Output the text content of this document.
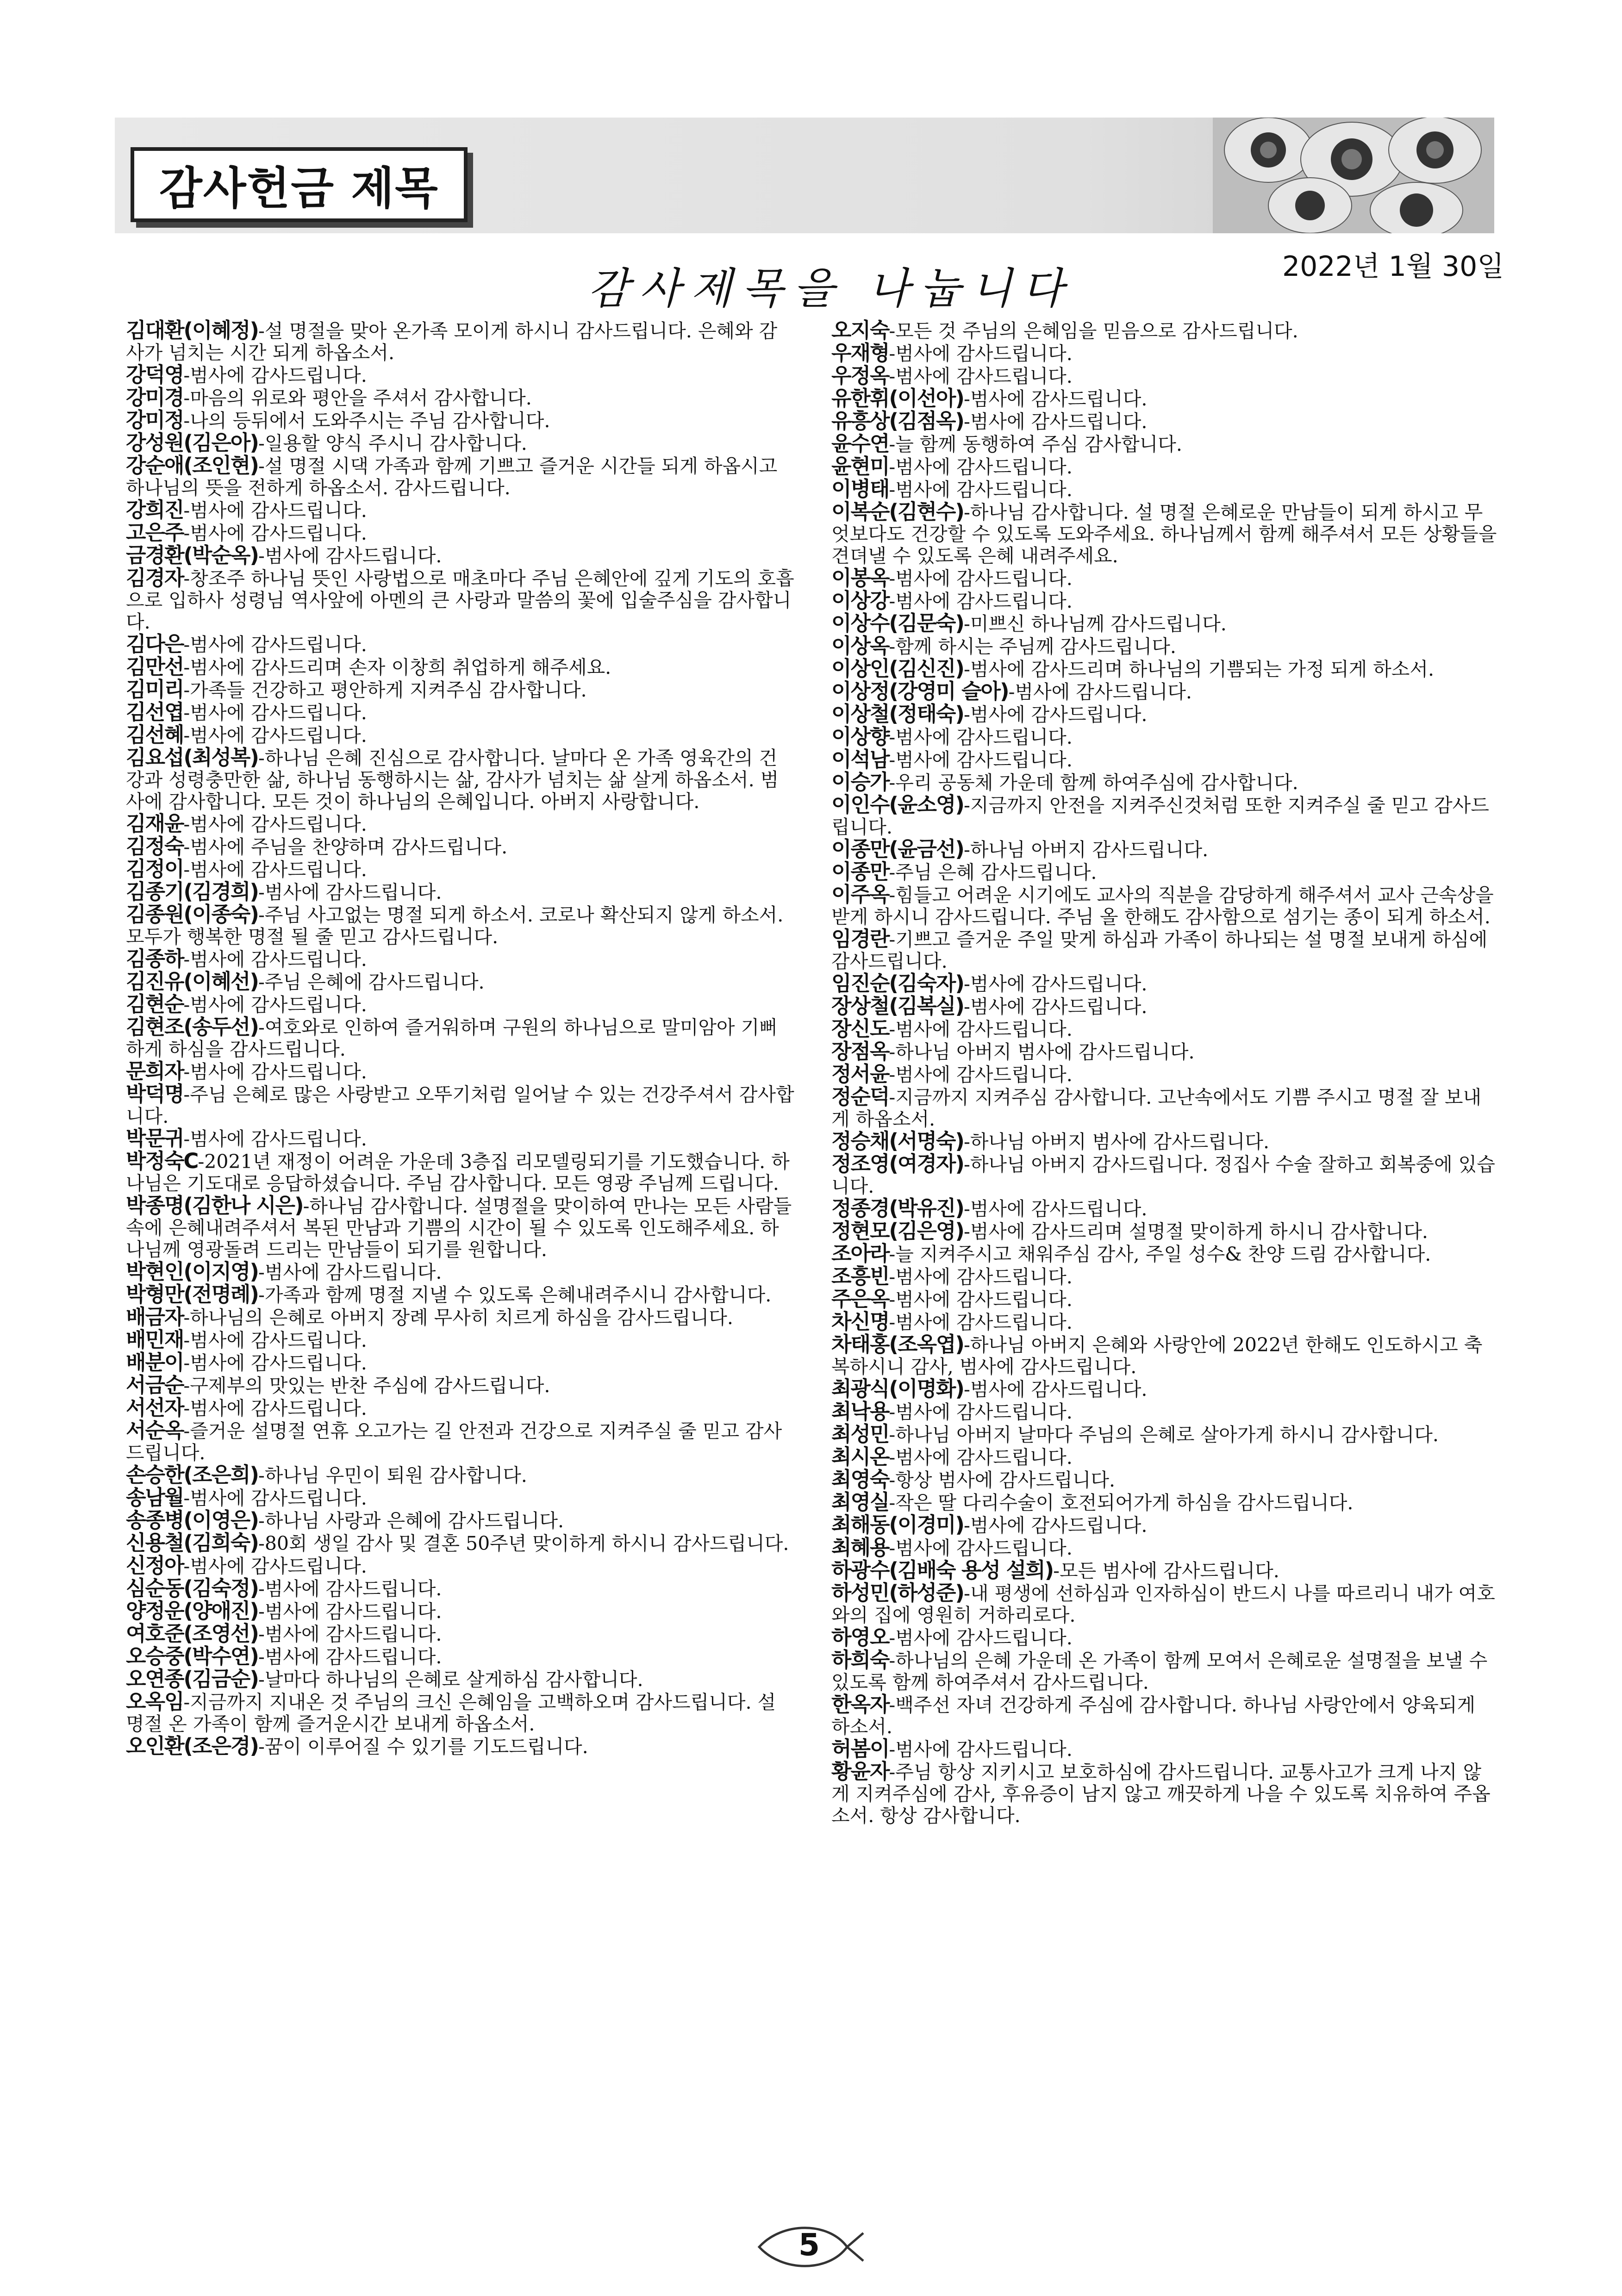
감사헌금 제목
감사제목을 나눕니다	2022년 1월 30일

김대환(이혜정)-설 명절을 맞아 온가족 모이게 하시니 감사드립니다. 은혜와 감사가 넘치는 시간 되게 하옵소서.

강덕영-범사에 감사드립니다.

강미경-마음의 위로와 평안을 주셔서 감사합니다.

강미정-나의 등뒤에서 도와주시는 주님 감사합니다.

강성원(김은아)-일용할 양식 주시니 감사합니다.

강순애(조인현)-설 명절 시댁 가족과 함께 기쁘고 즐거운 시간들 되게 하옵시고 하나님의 뜻을 전하게 하옵소서. 감사드립니다.

강희진-범사에 감사드립니다.

고은주-범사에 감사드립니다.

금경환(박순옥)-범사에 감사드립니다.

김경자-창조주 하나님 뜻인 사랑법으로 매초마다 주님 은혜안에 깊게 기도의 호흡으로 입하사 성령님 역사앞에 아멘의 큰 사랑과 말씀의 꽃에 입술주심을 감사합니다.

김다은-범사에 감사드립니다.

김만선-범사에 감사드리며 손자 이창희 취업하게 해주세요.

김미리-가족들 건강하고 평안하게 지켜주심 감사합니다.

김선엽-범사에 감사드립니다.

김선혜-범사에 감사드립니다.

김요섭(최성복)-하나님 은혜 진심으로 감사합니다. 날마다 온 가족 영육간의 건강과 성령충만한 삶, 하나님 동행하시는 삶, 감사가 넘치는 삶 살게 하옵소서. 범사에 감사합니다. 모든 것이 하나님의 은혜입니다. 아버지 사랑합니다.

김재윤-범사에 감사드립니다.

김정숙-범사에 주님을 찬양하며 감사드립니다.

김정이-범사에 감사드립니다.

김종기(김경희)-범사에 감사드립니다.

김종원(이종숙)-주님 사고없는 명절 되게 하소서. 코로나 확산되지 않게 하소서. 모두가 행복한 명절 될 줄 믿고 감사드립니다.

김종하-범사에 감사드립니다.

김진유(이혜선)-주님 은혜에 감사드립니다.

김현순-범사에 감사드립니다.

김현조(송두선)-여호와로 인하여 즐거워하며 구원의 하나님으로 말미암아 기뻐하게 하심을 감사드립니다.

문희자-범사에 감사드립니다.

박덕명-주님 은혜로 많은 사랑받고 오뚜기처럼 일어날 수 있는 건강주셔서 감사합니다.

박문귀-범사에 감사드립니다.

박정숙C-2021년 재정이 어려운 가운데 3층집 리모델링되기를 기도했습니다. 하나님은 기도대로 응답하셨습니다. 주님 감사합니다. 모든 영광 주님께 드립니다.

박종명(김한나 시은)-하나님 감사합니다. 설명절을 맞이하여 만나는 모든 사람들 속에 은혜내려주셔서 복된 만남과 기쁨의 시간이 될 수 있도록 인도해주세요. 하나님께 영광돌려 드리는 만남들이 되기를 원합니다.

박현인(이지영)-범사에 감사드립니다.

박형만(전명례)-가족과 함께 명절 지낼 수 있도록 은혜내려주시니 감사합니다.

배금자-하나님의 은혜로 아버지 장례 무사히 치르게 하심을 감사드립니다.

배민재-범사에 감사드립니다.

배분이-범사에 감사드립니다.

서금순-구제부의 맛있는 반찬 주심에 감사드립니다.

서선자-범사에 감사드립니다.

서순옥-즐거운 설명절 연휴 오고가는 길 안전과 건강으로 지켜주실 줄 믿고 감사드립니다.

손승한(조은희)-하나님 우민이 퇴원 감사합니다.

송남월-범사에 감사드립니다.

송종병(이영은)-하나님 사랑과 은혜에 감사드립니다.

신용철(김희숙)-80회 생일 감사 및 결혼 50주년 맞이하게 하시니 감사드립니다.

신정아-범사에 감사드립니다.

심순동(김숙정)-범사에 감사드립니다.

양정운(양애진)-범사에 감사드립니다.

여호준(조영선)-범사에 감사드립니다.

오승중(박수연)-범사에 감사드립니다.

오연종(김금순)-날마다 하나님의 은혜로 살게하심 감사합니다.

오옥임-지금까지 지내온 것 주님의 크신 은혜임을 고백하오며 감사드립니다. 설 명절 온 가족이 함께 즐거운시간 보내게 하옵소서.

오인환(조은경)-꿈이 이루어질 수 있기를 기도드립니다.

오지숙-모든 것 주님의 은혜임을 믿음으로 감사드립니다.

우재형-범사에 감사드립니다.

우정옥-범사에 감사드립니다.

유한휘(이선아)-범사에 감사드립니다.

유흥상(김점옥)-범사에 감사드립니다.

윤수연-늘 함께 동행하여 주심 감사합니다.

윤현미-범사에 감사드립니다.

이병태-범사에 감사드립니다.

이복순(김현수)-하나님 감사합니다. 설 명절 은혜로운 만남들이 되게 하시고 무엇보다도 건강할 수 있도록 도와주세요. 하나님께서 함께 해주셔서 모든 상황들을 견뎌낼 수 있도록 은혜 내려주세요.

이봉옥-범사에 감사드립니다.

이상강-범사에 감사드립니다.

이상수(김문숙)-미쁘신 하나님께 감사드립니다.

이상옥-함께 하시는 주님께 감사드립니다.

이상인(김신진)-범사에 감사드리며 하나님의 기쁨되는 가정 되게 하소서.

이상정(강영미 슬아)-범사에 감사드립니다.

이상철(정태숙)-범사에 감사드립니다.

이상향-범사에 감사드립니다.

이석남-범사에 감사드립니다.

이승가-우리 공동체 가운데 함께 하여주심에 감사합니다.

이인수(윤소영)-지금까지 안전을 지켜주신것처럼 또한 지켜주실 줄 믿고 감사드립니다.

이종만(윤금선)-하나님 아버지 감사드립니다.

이종만-주님 은혜 감사드립니다.

이주옥-힘들고 어려운 시기에도 교사의 직분을 감당하게 해주셔서 교사 근속상을 받게 하시니 감사드립니다. 주님 올 한해도 감사함으로 섬기는 종이 되게 하소서.

임경란-기쁘고 즐거운 주일 맞게 하심과 가족이 하나되는 설 명절 보내게 하심에 감사드립니다.

임진순(김숙자)-범사에 감사드립니다.

장상철(김복실)-범사에 감사드립니다.

장신도-범사에 감사드립니다.

장점옥-하나님 아버지 범사에 감사드립니다.

정서윤-범사에 감사드립니다.

정순덕-지금까지 지켜주심 감사합니다. 고난속에서도 기쁨 주시고 명절 잘 보내게 하옵소서.

정승채(서명숙)-하나님 아버지 범사에 감사드립니다.

정조영(여경자)-하나님 아버지 감사드립니다. 정집사 수술 잘하고 회복중에 있습니다.

정종경(박유진)-범사에 감사드립니다.

정현모(김은영)-범사에 감사드리며 설명절 맞이하게 하시니 감사합니다.

조아라-늘 지켜주시고 채워주심 감사, 주일 성수& 찬양 드림 감사합니다.

조흥빈-범사에 감사드립니다.

주은옥-범사에 감사드립니다.

차신명-범사에 감사드립니다.

차태홍(조옥엽)-하나님 아버지 은혜와 사랑안에 2022년 한해도 인도하시고 축복하시니 감사, 범사에 감사드립니다.

최광식(이명화)-범사에 감사드립니다.

최낙용-범사에 감사드립니다.

최성민-하나님 아버지 날마다 주님의 은혜로 살아가게 하시니 감사합니다.

최시온-범사에 감사드립니다.

최영숙-항상 범사에 감사드립니다.

최영실-작은 딸 다리수술이 호전되어가게 하심을 감사드립니다.

최해동(이경미)-범사에 감사드립니다.

최혜용-범사에 감사드립니다.

하광수(김배숙 용성 설희)-모든 범사에 감사드립니다.

하성민(하성준)-내 평생에 선하심과 인자하심이 반드시 나를 따르리니 내가 여호와의 집에 영원히 거하리로다.

하영오-범사에 감사드립니다.

하희숙-하나님의 은혜 가운데 온 가족이 함께 모여서 은혜로운 설명절을 보낼 수 있도록 함께 하여주셔서 감사드립니다.

한옥자-백주선 자녀 건강하게 주심에 감사합니다. 하나님 사랑안에서 양육되게 하소서.

허봄이-범사에 감사드립니다.

황윤자-주님 항상 지키시고 보호하심에 감사드립니다. 교통사고가 크게 나지 않게 지켜주심에 감사, 후유증이 남지 않고 깨끗하게 나을 수 있도록 치유하여 주옵소서. 항상 감사합니다.

5
